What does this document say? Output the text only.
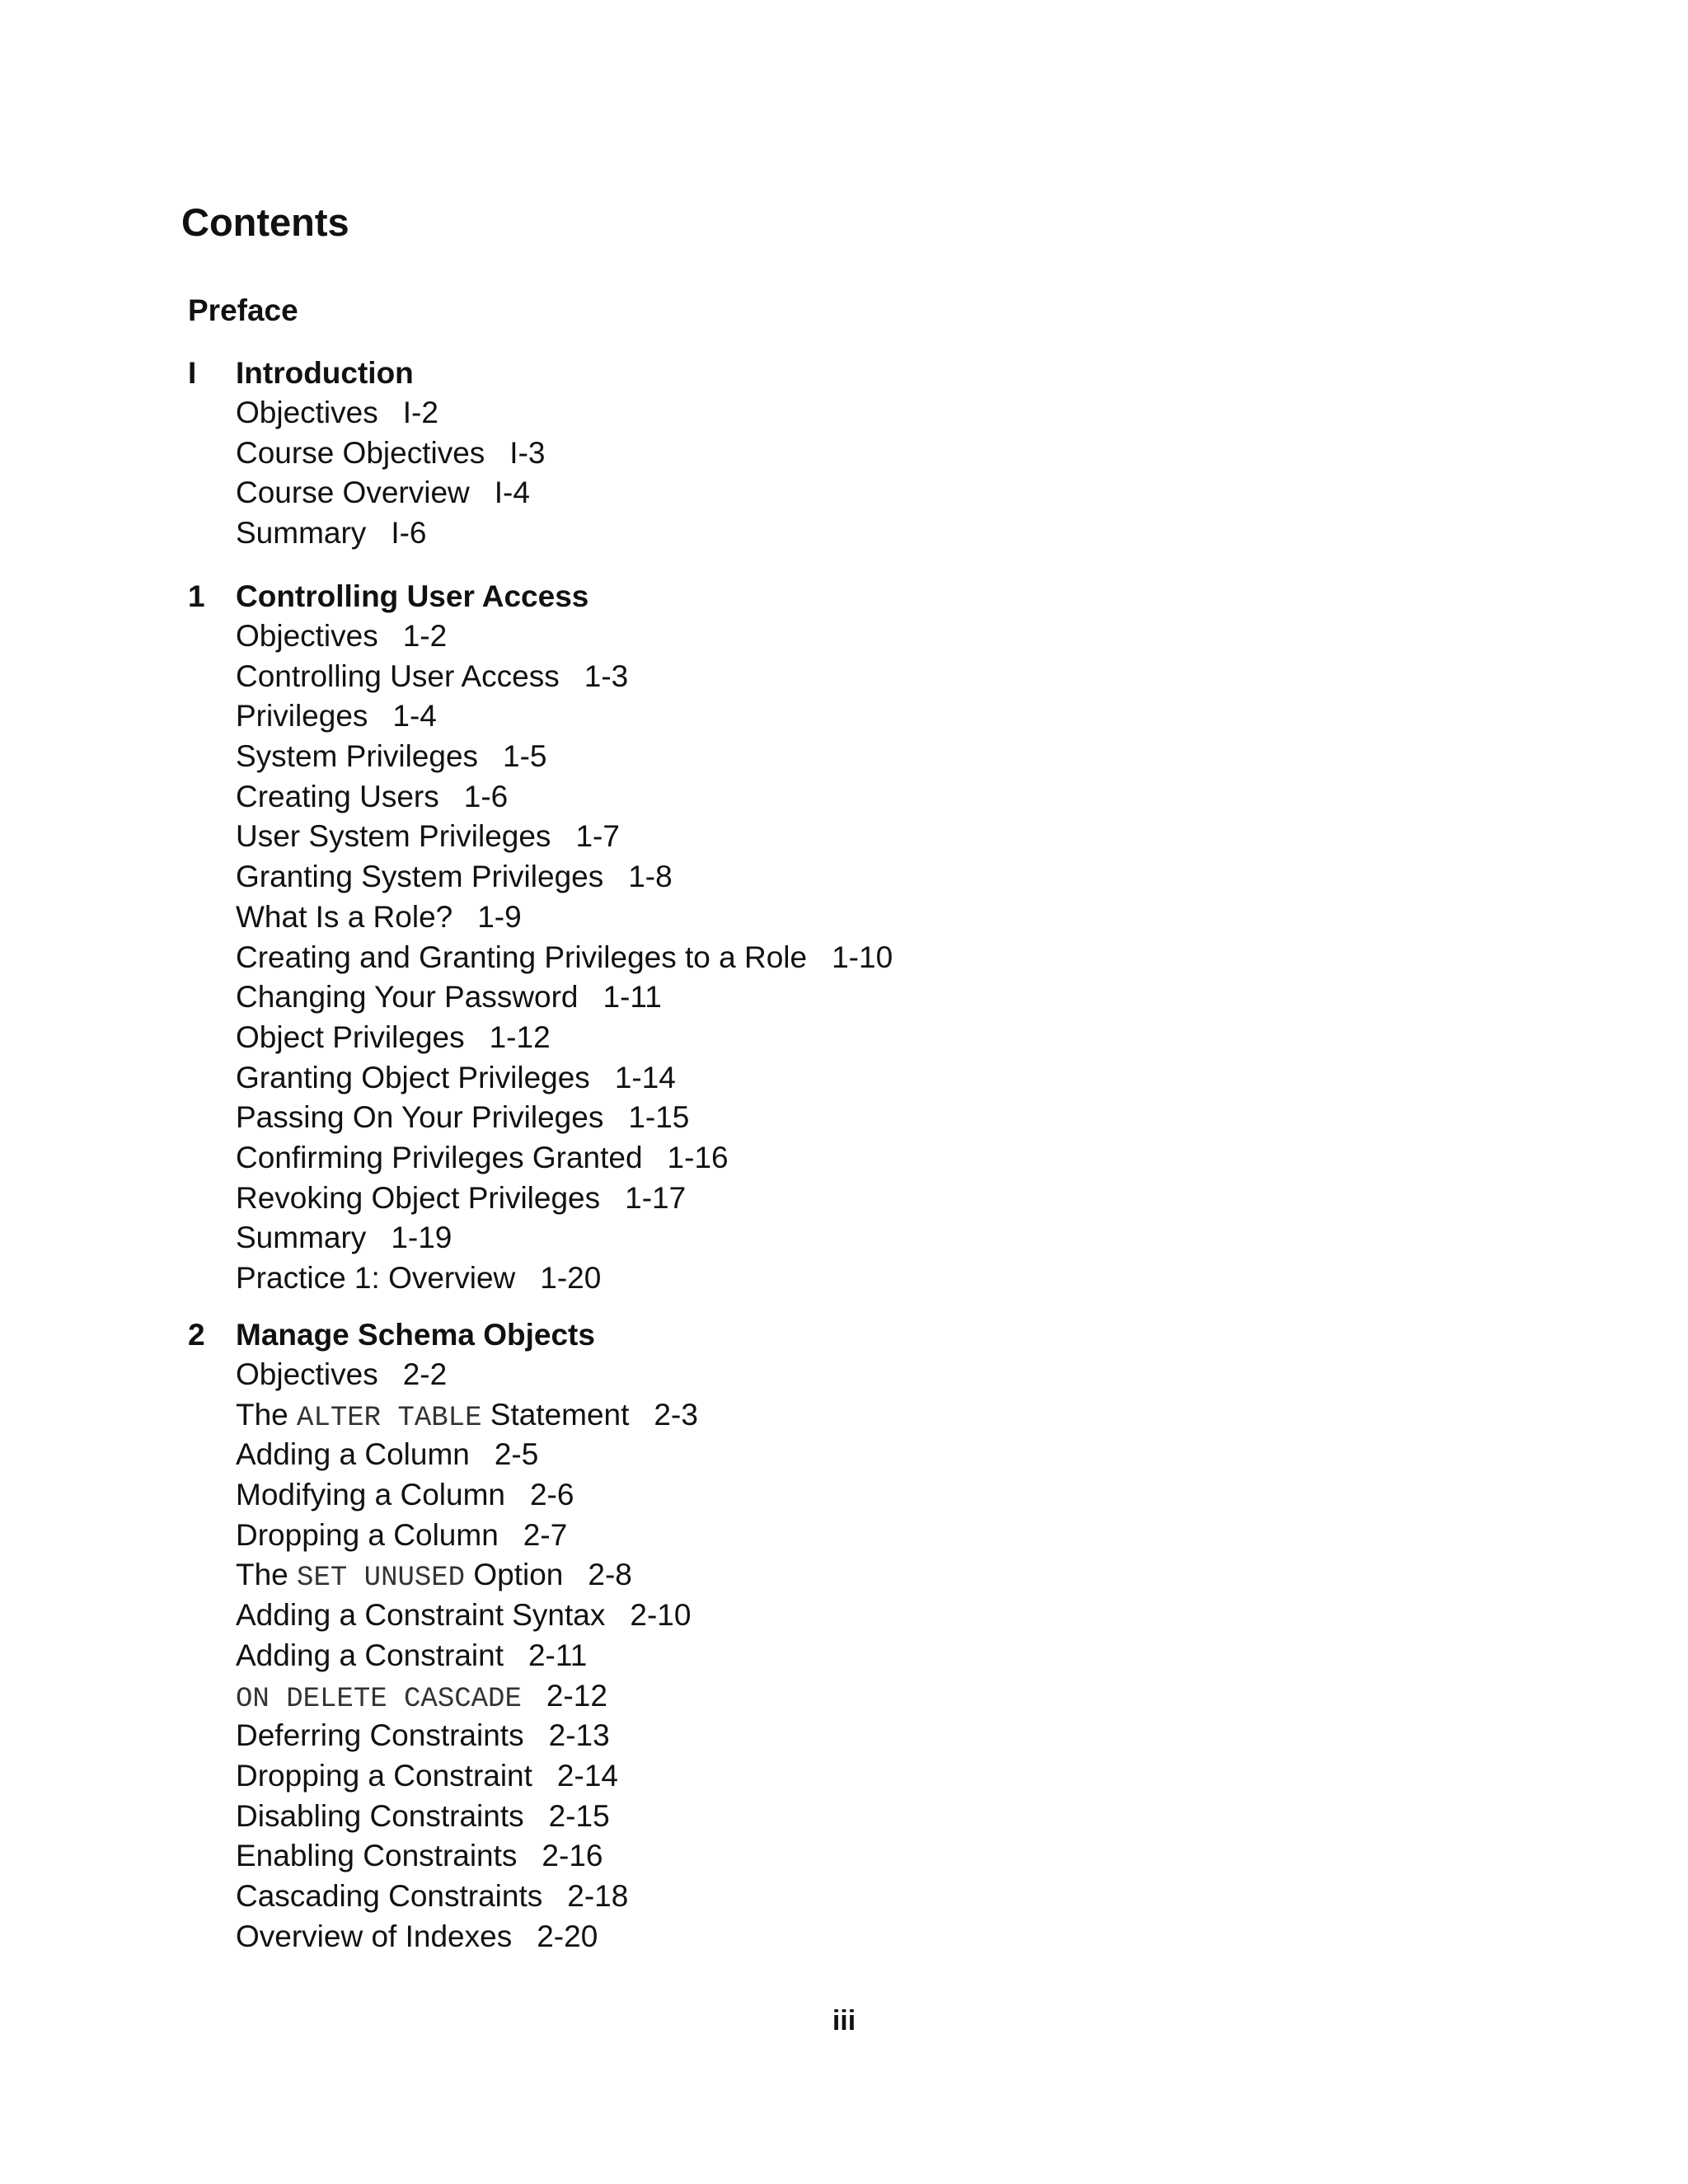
Contents
Preface
I Introduction
Objectives I-2
Course Objectives I-3
Course Overview I-4
Summary I-6
1 Controlling User Access
Objectives 1-2
Controlling User Access 1-3
Privileges 1-4
System Privileges 1-5
Creating Users 1-6
User System Privileges 1-7
Granting System Privileges 1-8
What Is a Role? 1-9
Creating and Granting Privileges to a Role 1-10
Changing Your Password 1-11
Object Privileges 1-12
Granting Object Privileges 1-14
Passing On Your Privileges 1-15
Confirming Privileges Granted 1-16
Revoking Object Privileges 1-17
Summary 1-19
Practice 1: Overview 1-20
2 Manage Schema Objects
Objectives 2-2
The ALTER TABLE Statement 2-3
Adding a Column 2-5
Modifying a Column 2-6
Dropping a Column 2-7
The SET UNUSED Option 2-8
Adding a Constraint Syntax 2-10
Adding a Constraint 2-11
ON DELETE CASCADE 2-12
Deferring Constraints 2-13
Dropping a Constraint 2-14
Disabling Constraints 2-15
Enabling Constraints 2-16
Cascading Constraints 2-18
Overview of Indexes 2-20
iii
